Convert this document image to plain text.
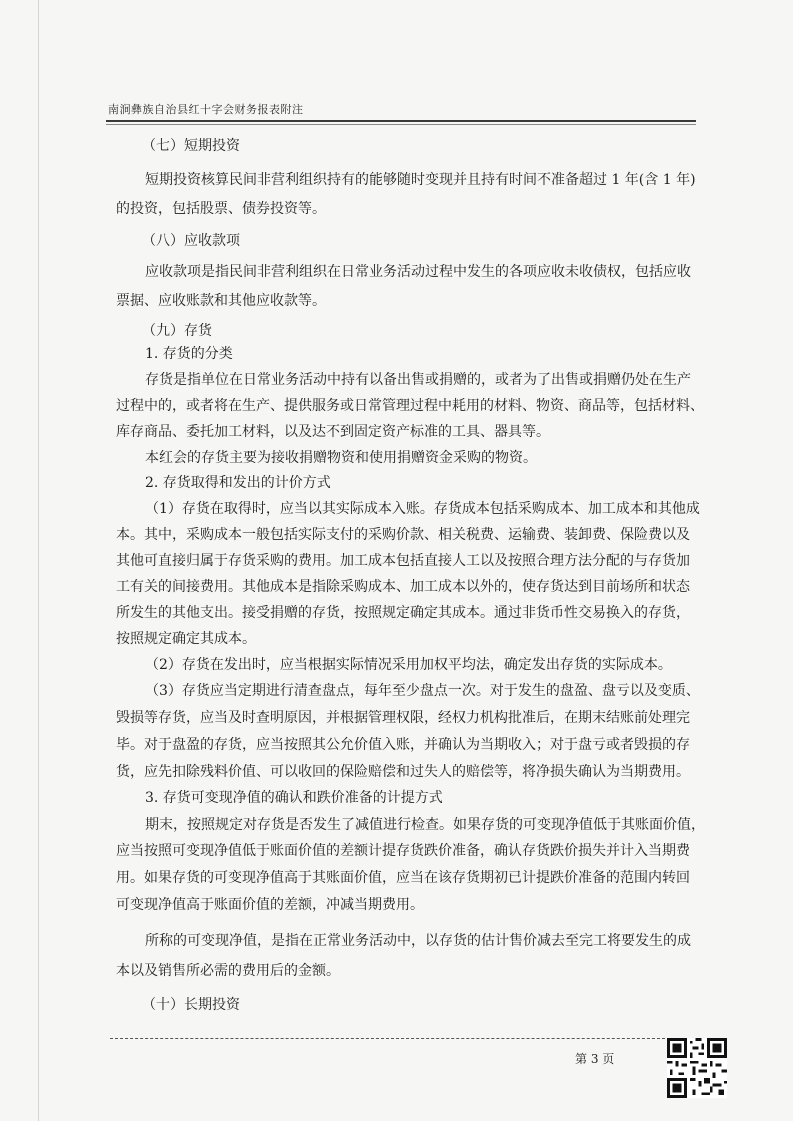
南涧彝族自治县红十字会财务报表附注
（七）短期投资
短期投资核算民间非营利组织持有的能够随时变现并且持有时间不准备超过 1 年(含 1 年)
的投资，包括股票、债券投资等。
（八）应收款项
应收款项是指民间非营利组织在日常业务活动过程中发生的各项应收未收债权，包括应收
票据、应收账款和其他应收款等。
（九）存货
1. 存货的分类
存货是指单位在日常业务活动中持有以备出售或捐赠的，或者为了出售或捐赠仍处在生产
过程中的，或者将在生产、提供服务或日常管理过程中耗用的材料、物资、商品等，包括材料、
库存商品、委托加工材料，以及达不到固定资产标准的工具、器具等。
本红会的存货主要为接收捐赠物资和使用捐赠资金采购的物资。
2. 存货取得和发出的计价方式
（1）存货在取得时，应当以其实际成本入账。存货成本包括采购成本、加工成本和其他成
本。其中，采购成本一般包括实际支付的采购价款、相关税费、运输费、装卸费、保险费以及
其他可直接归属于存货采购的费用。加工成本包括直接人工以及按照合理方法分配的与存货加
工有关的间接费用。其他成本是指除采购成本、加工成本以外的，使存货达到目前场所和状态
所发生的其他支出。接受捐赠的存货，按照规定确定其成本。通过非货币性交易换入的存货，
按照规定确定其成本。
（2）存货在发出时，应当根据实际情况采用加权平均法，确定发出存货的实际成本。
（3）存货应当定期进行清查盘点，每年至少盘点一次。对于发生的盘盈、盘亏以及变质、
毁损等存货，应当及时查明原因，并根据管理权限，经权力机构批准后，在期末结账前处理完
毕。对于盘盈的存货，应当按照其公允价值入账，并确认为当期收入；对于盘亏或者毁损的存
货，应先扣除残料价值、可以收回的保险赔偿和过失人的赔偿等，将净损失确认为当期费用。
3. 存货可变现净值的确认和跌价准备的计提方式
期末，按照规定对存货是否发生了减值进行检查。如果存货的可变现净值低于其账面价值，
应当按照可变现净值低于账面价值的差额计提存货跌价准备，确认存货跌价损失并计入当期费
用。如果存货的可变现净值高于其账面价值，应当在该存货期初已计提跌价准备的范围内转回
可变现净值高于账面价值的差额，冲减当期费用。
所称的可变现净值，是指在正常业务活动中，以存货的估计售价减去至完工将要发生的成
本以及销售所必需的费用后的金额。
（十）长期投资
第 3 页
